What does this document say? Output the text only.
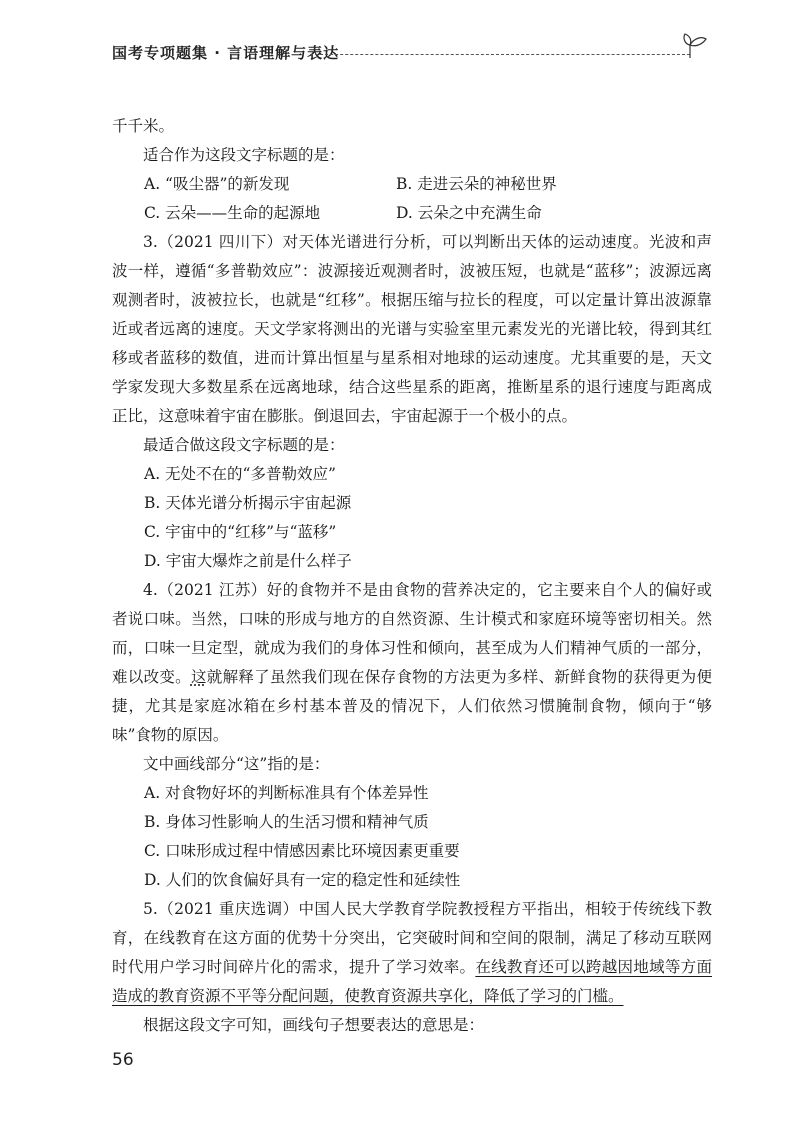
国考专项题集 · 言语理解与表达

千千米。

适合作为这段文字标题的是：

A. “吸尘器”的新发现	B. 走进云朵的神秘世界
C. 云朵——生命的起源地	D. 云朵之中充满生命

3.（2021 四川下）对天体光谱进行分析，可以判断出天体的运动速度。光波和声波一样，遵循“多普勒效应”：波源接近观测者时，波被压短，也就是“蓝移”；波源远离观测者时，波被拉长，也就是“红移”。根据压缩与拉长的程度，可以定量计算出波源靠近或者远离的速度。天文学家将测出的光谱与实验室里元素发光的光谱比较，得到其红移或者蓝移的数值，进而计算出恒星与星系相对地球的运动速度。尤其重要的是，天文学家发现大多数星系在远离地球，结合这些星系的距离，推断星系的退行速度与距离成正比，这意味着宇宙在膨胀。倒退回去，宇宙起源于一个极小的点。

最适合做这段文字标题的是：

A. 无处不在的“多普勒效应”

B. 天体光谱分析揭示宇宙起源

C. 宇宙中的“红移”与“蓝移”

D. 宇宙大爆炸之前是什么样子

4.（2021 江苏）好的食物并不是由食物的营养决定的，它主要来自个人的偏好或者说口味。当然，口味的形成与地方的自然资源、生计模式和家庭环境等密切相关。然而，口味一旦定型，就成为我们的身体习性和倾向，甚至成为人们精神气质的一部分，难以改变。这就解释了虽然我们现在保存食物的方法更为多样、新鲜食物的获得更为便捷，尤其是家庭冰箱在乡村基本普及的情况下，人们依然习惯腌制食物，倾向于“够味”食物的原因。

文中画线部分“这”指的是：

A. 对食物好坏的判断标准具有个体差异性

B. 身体习性影响人的生活习惯和精神气质

C. 口味形成过程中情感因素比环境因素更重要

D. 人们的饮食偏好具有一定的稳定性和延续性

5.（2021 重庆选调）中国人民大学教育学院教授程方平指出，相较于传统线下教育，在线教育在这方面的优势十分突出，它突破时间和空间的限制，满足了移动互联网时代用户学习时间碎片化的需求，提升了学习效率。在线教育还可以跨越因地域等方面造成的教育资源不平等分配问题，使教育资源共享化，降低了学习的门槛。

根据这段文字可知，画线句子想要表达的意思是：

56
